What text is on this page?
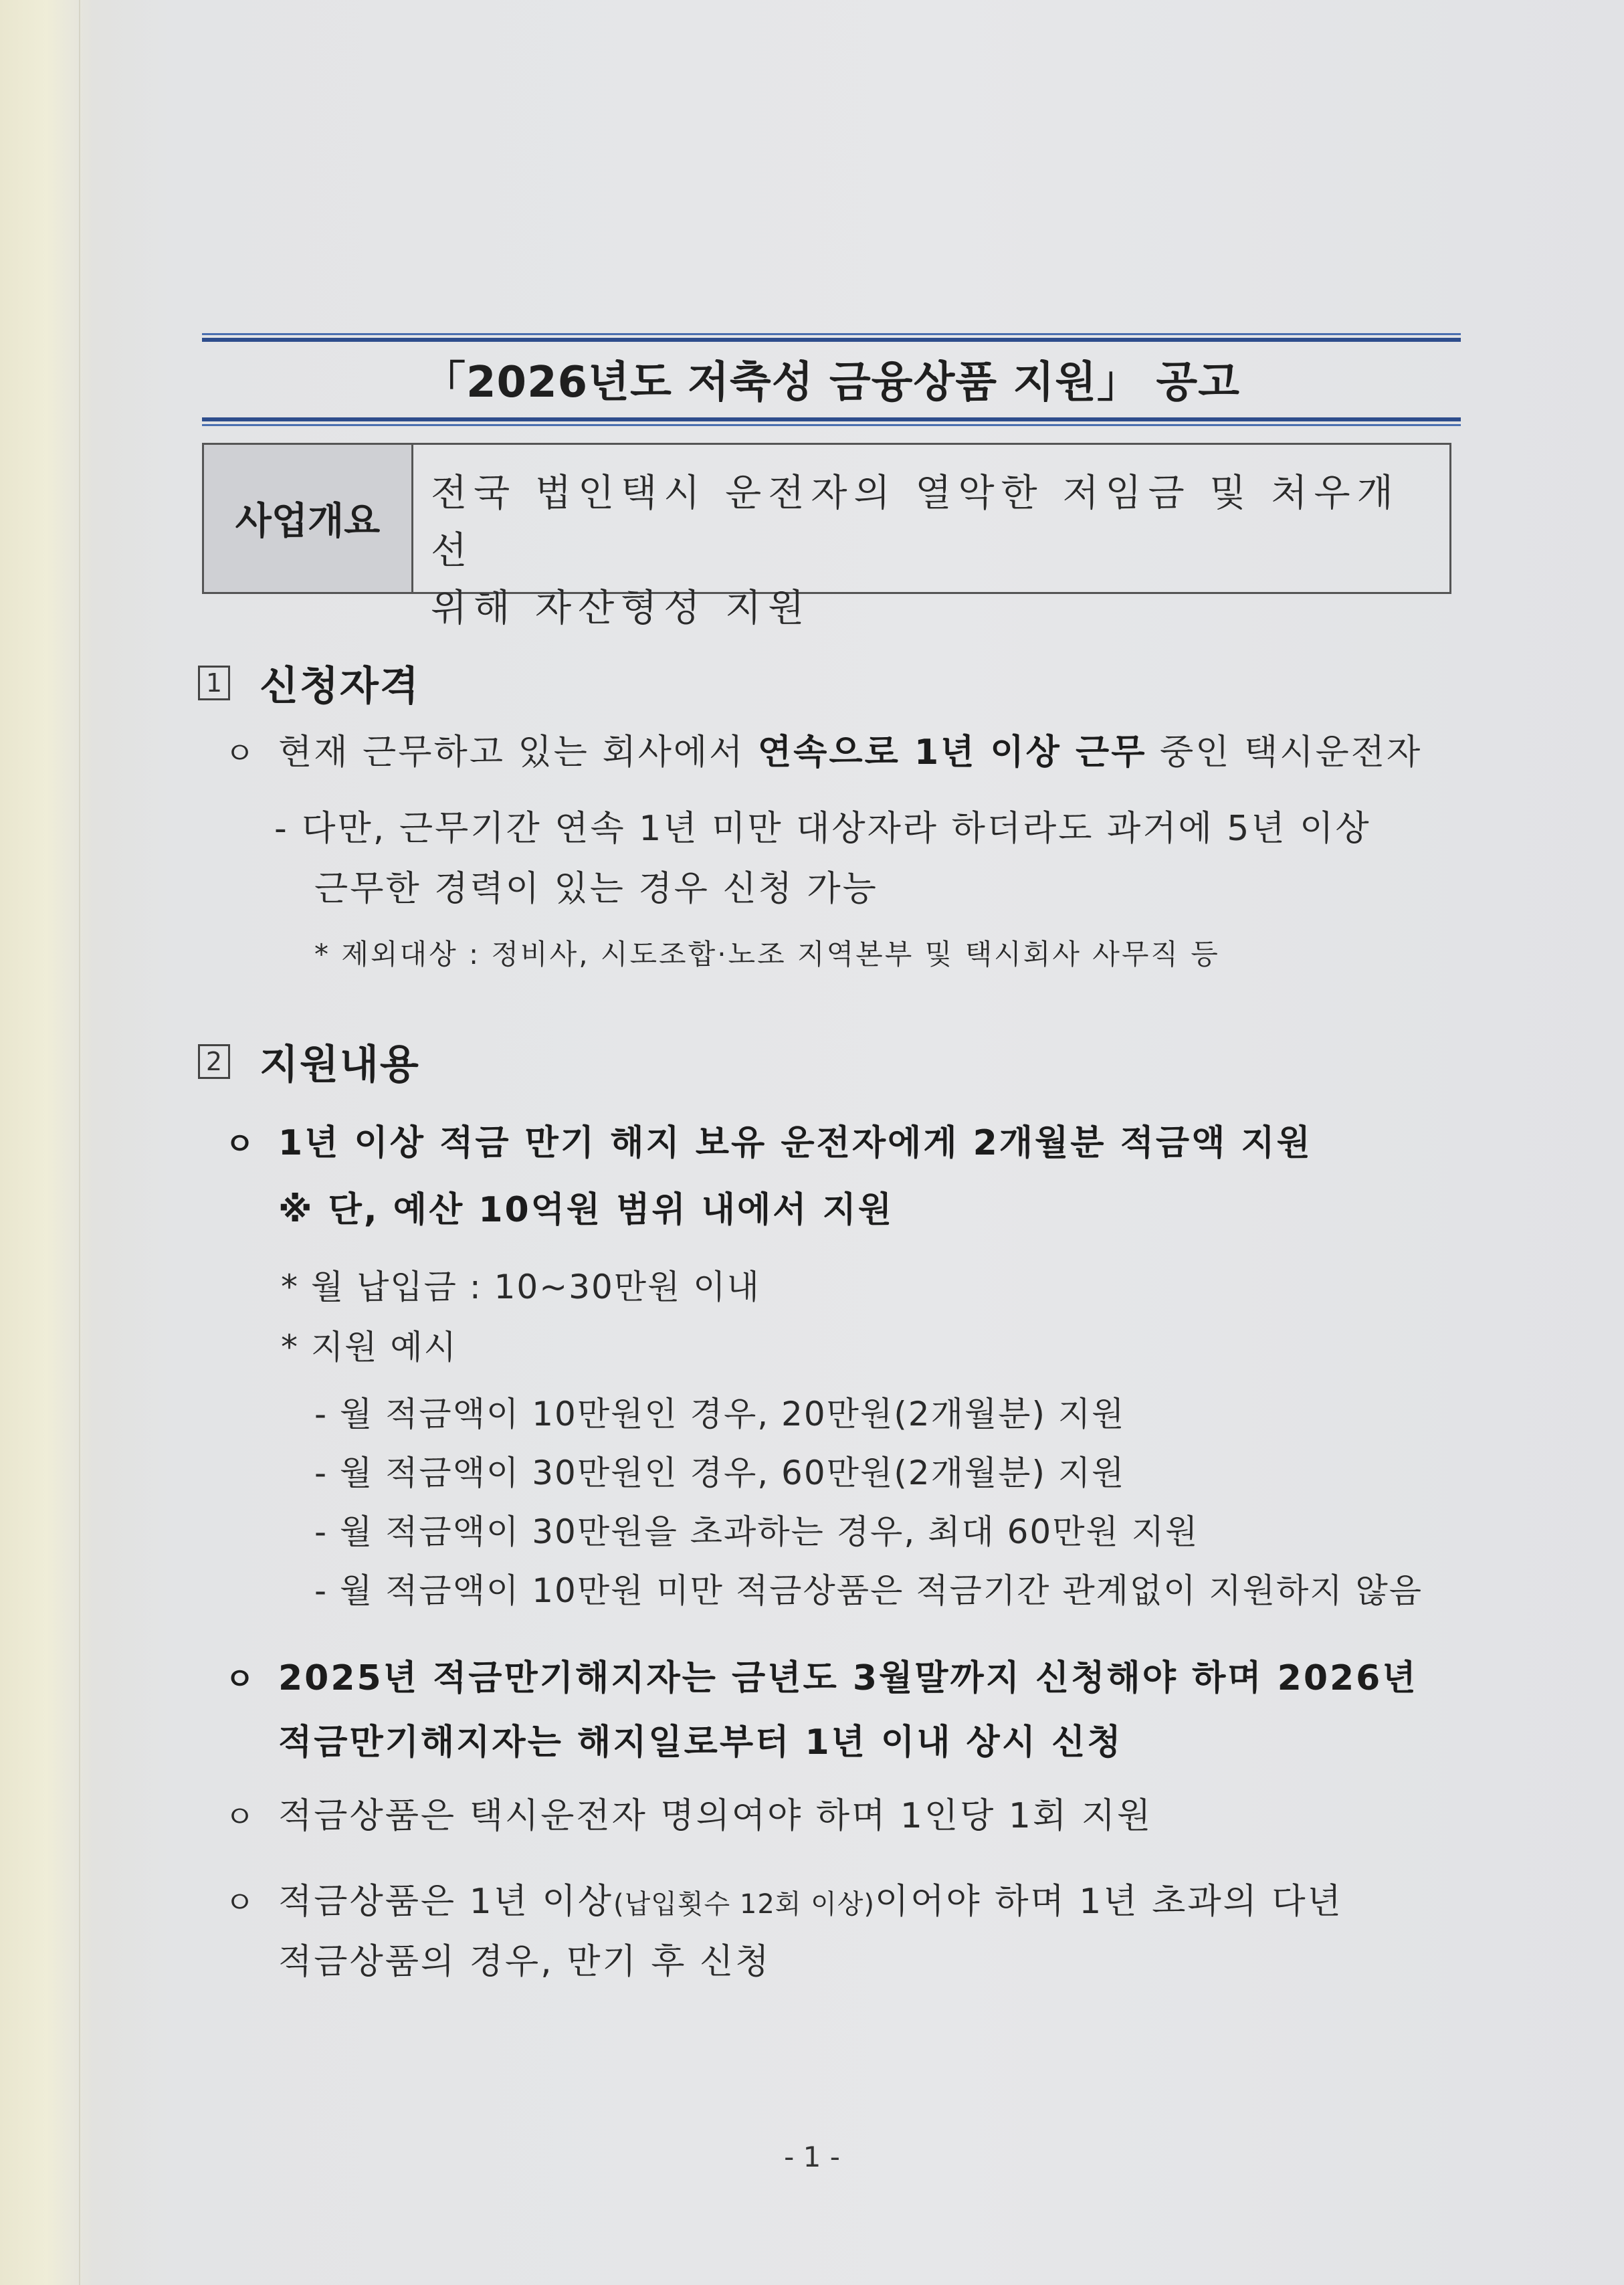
「2026년도 저축성 금융상품 지원」 공고
사업개요
전국 법인택시 운전자의 열악한 저임금 및 처우개선
위해 자산형성 지원
1 신청자격
ㅇ 현재 근무하고 있는 회사에서 연속으로 1년 이상 근무 중인 택시운전자
- 다만, 근무기간 연속 1년 미만 대상자라 하더라도 과거에 5년 이상
근무한 경력이 있는 경우 신청 가능
* 제외대상 : 정비사, 시도조합·노조 지역본부 및 택시회사 사무직 등
2 지원내용
ㅇ 1년 이상 적금 만기 해지 보유 운전자에게 2개월분 적금액 지원
※ 단, 예산 10억원 범위 내에서 지원
* 월 납입금 : 10~30만원 이내
* 지원 예시
- 월 적금액이 10만원인 경우, 20만원(2개월분) 지원
- 월 적금액이 30만원인 경우, 60만원(2개월분) 지원
- 월 적금액이 30만원을 초과하는 경우, 최대 60만원 지원
- 월 적금액이 10만원 미만 적금상품은 적금기간 관계없이 지원하지 않음
ㅇ 2025년 적금만기해지자는 금년도 3월말까지 신청해야 하며 2026년
적금만기해지자는 해지일로부터 1년 이내 상시 신청
ㅇ 적금상품은 택시운전자 명의여야 하며 1인당 1회 지원
ㅇ 적금상품은 1년 이상(납입횟수 12회 이상)이어야 하며 1년 초과의 다년
적금상품의 경우, 만기 후 신청
- 1 -
